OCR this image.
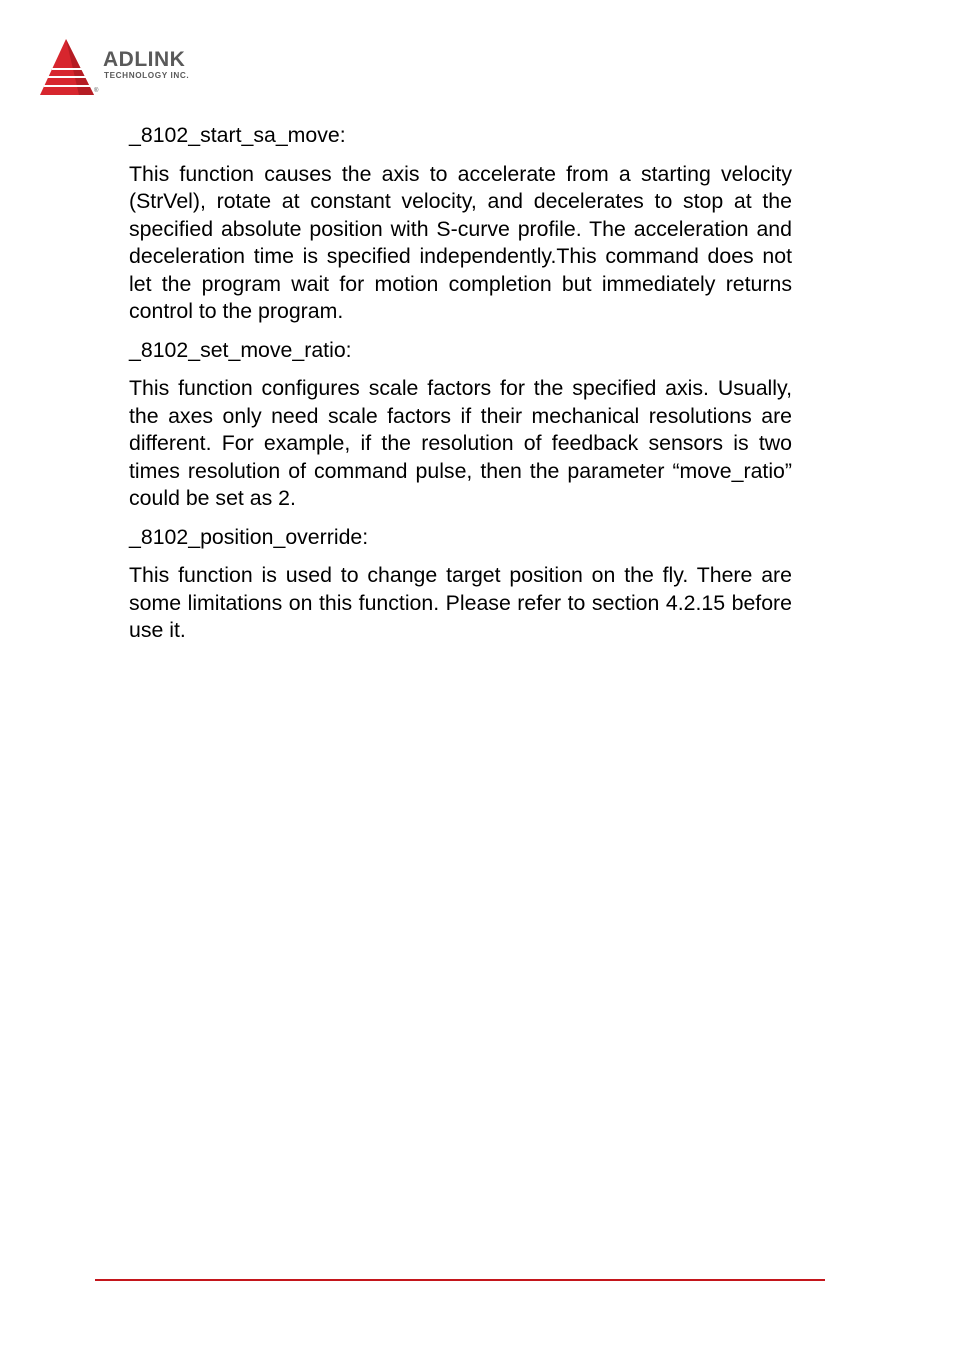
ADLINK
TECHNOLOGY INC.
®

_8102_start_sa_move:

This function causes the axis to accelerate from a starting velocity (StrVel), rotate at constant velocity, and decelerates to stop at the specified absolute position with S-curve profile. The acceleration and deceleration time is specified independently.This command does not let the program wait for motion completion but immediately returns control to the program.

_8102_set_move_ratio:

This function configures scale factors for the specified axis. Usually, the axes only need scale factors if their mechanical resolutions are different. For example, if the resolution of feedback sensors is two times resolution of command pulse, then the parameter “move_ratio” could be set as 2.

_8102_position_override:

This function is used to change target position on the fly. There are some limitations on this function. Please refer to section 4.2.15 before use it.
